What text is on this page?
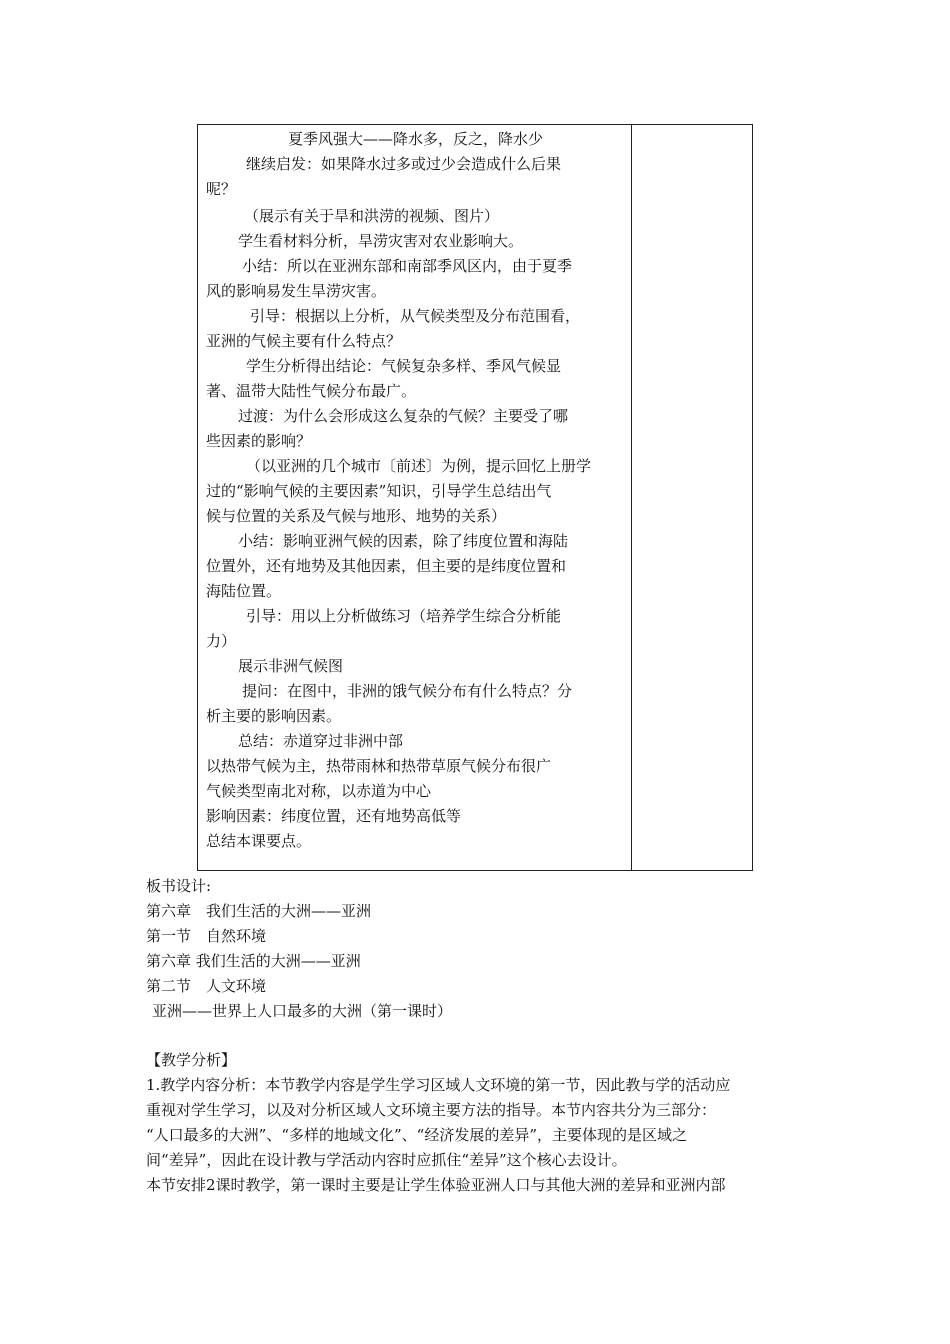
夏季风强大——降水多，反之，降水少
继续启发：如果降水过多或过少会造成什么后果
呢？
（展示有关于旱和洪涝的视频、图片）
学生看材料分析，旱涝灾害对农业影响大。
小结：所以在亚洲东部和南部季风区内，由于夏季
风的影响易发生旱涝灾害。
引导：根据以上分析，从气候类型及分布范围看，
亚洲的气候主要有什么特点？
学生分析得出结论：气候复杂多样、季风气候显
著、温带大陆性气候分布最广。
过渡：为什么会形成这么复杂的气候？主要受了哪
些因素的影响？
（以亚洲的几个城市〔前述〕为例，提示回忆上册学
过的“影响气候的主要因素”知识，引导学生总结出气
候与位置的关系及气候与地形、地势的关系）
小结：影响亚洲气候的因素，除了纬度位置和海陆
位置外，还有地势及其他因素，但主要的是纬度位置和
海陆位置。
引导：用以上分析做练习（培养学生综合分析能
力）
展示非洲气候图
提问：在图中，非洲的饿气候分布有什么特点？分
析主要的影响因素。
总结：赤道穿过非洲中部
以热带气候为主，热带雨林和热带草原气候分布很广
气候类型南北对称，以赤道为中心
影响因素：纬度位置，还有地势高低等
总结本课要点。
板书设计:
第六章　我们生活的大洲——亚洲
第一节　自然环境
第六章 我们生活的大洲——亚洲
第二节　人文环境
亚洲——世界上人口最多的大洲（第一课时）
【教学分析】
1.教学内容分析：本节教学内容是学生学习区域人文环境的第一节，因此教与学的活动应
重视对学生学习，以及对分析区域人文环境主要方法的指导。本节内容共分为三部分：
“人口最多的大洲”、“多样的地域文化”、“经济发展的差异”，主要体现的是区域之
间“差异”，因此在设计教与学活动内容时应抓住“差异”这个核心去设计。
本节安排2课时教学，第一课时主要是让学生体验亚洲人口与其他大洲的差异和亚洲内部
